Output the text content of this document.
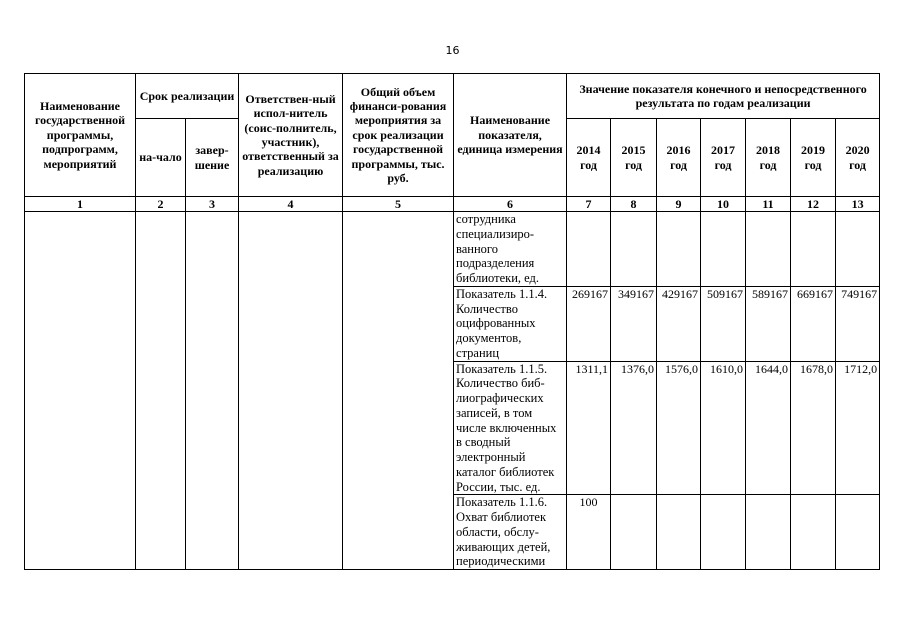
16
Наименование государственной программы, подпрограмм, мероприятий	Срок реализации		Ответствен-ный испол-нитель (соис-полнитель, участник), ответственный за реализацию	Общий объем финанси-рования мероприятия за срок реализации государственной программы, тыс. руб.	Наименование показателя, единица измерения	Значение показателя конечного и непосредственного результата по годам реализации						
	на-чало	завер-шение				2014 год	2015 год	2016 год	2017 год	2018 год	2019 год	2020 год
1	2	3	4	5	6	7	8	9	10	11	12	13
					сотрудника специализиро-ванного подразделения библиотеки, ед.							
					Показатель 1.1.4. Количество оцифрованных документов, страниц	269167	349167	429167	509167	589167	669167	749167
					Показатель 1.1.5. Количество биб-лиографических записей, в том числе включенных в сводный электронный каталог библиотек России, тыс. ед.	1311,1	1376,0	1576,0	1610,0	1644,0	1678,0	1712,0
					Показатель 1.1.6. Охват библиотек области, обслу-живающих детей, периодическими	100						
